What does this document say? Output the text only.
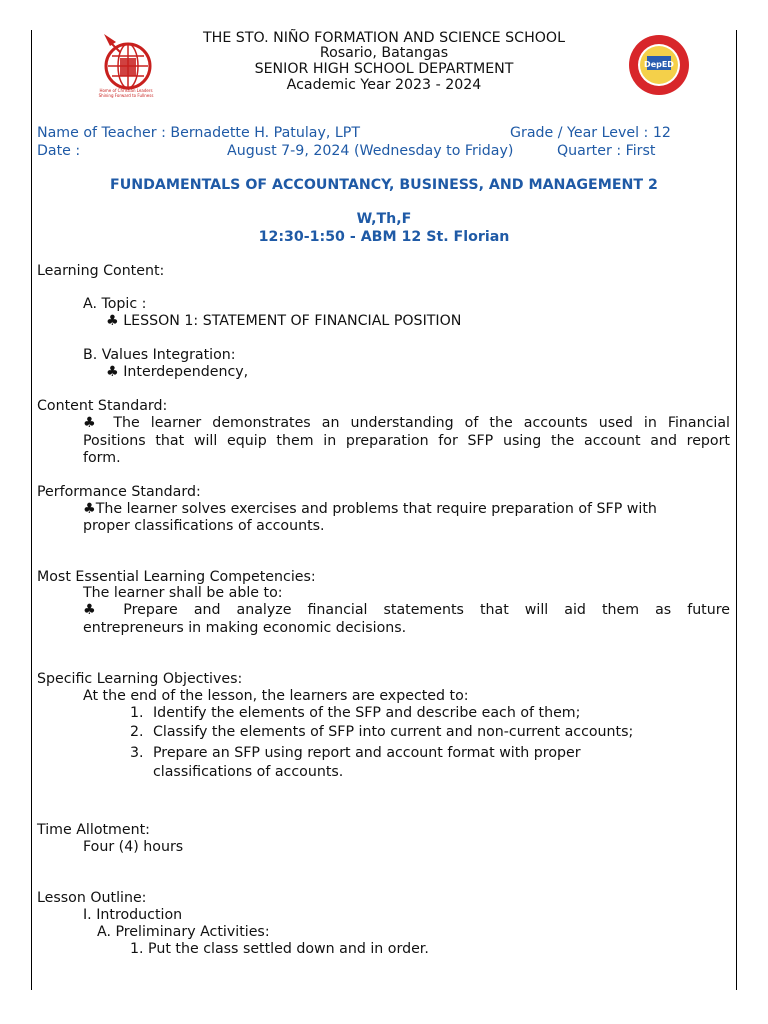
Home of Christian Leaders
Shining Forward to Fullness
DepED
THE STO. NIÑO FORMATION AND SCIENCE SCHOOL
Rosario, Batangas
SENIOR HIGH SCHOOL DEPARTMENT
Academic Year 2023 - 2024
Name of Teacher : Bernadette H. Patulay, LPT	Grade / Year Level : 12
Date :	August 7-9, 2024 (Wednesday to Friday)	Quarter : First
FUNDAMENTALS OF ACCOUNTANCY, BUSINESS, AND MANAGEMENT 2
W,Th,F
12:30-1:50 - ABM 12 St. Florian
Learning Content:
A. Topic :
♣ LESSON 1: STATEMENT OF FINANCIAL POSITION
B. Values Integration:
♣ Interdependency,
Content Standard:
♣ The learner demonstrates an understanding of the accounts used in Financial
Positions that will equip them in preparation for SFP using the account and report
form.
Performance Standard:
♣The learner solves exercises and problems that require preparation of SFP with
proper classifications of accounts.
Most Essential Learning Competencies:
The learner shall be able to:
♣ Prepare and analyze financial statements that will aid them as future
entrepreneurs in making economic decisions.
Specific Learning Objectives:
At the end of the lesson, the learners are expected to:
1. Identify the elements of the SFP and describe each of them;
2. Classify the elements of SFP into current and non-current accounts;
3. Prepare an SFP using report and account format with proper
classifications of accounts.
Time Allotment:
Four (4) hours
Lesson Outline:
I. Introduction
A. Preliminary Activities:
1. Put the class settled down and in order.
